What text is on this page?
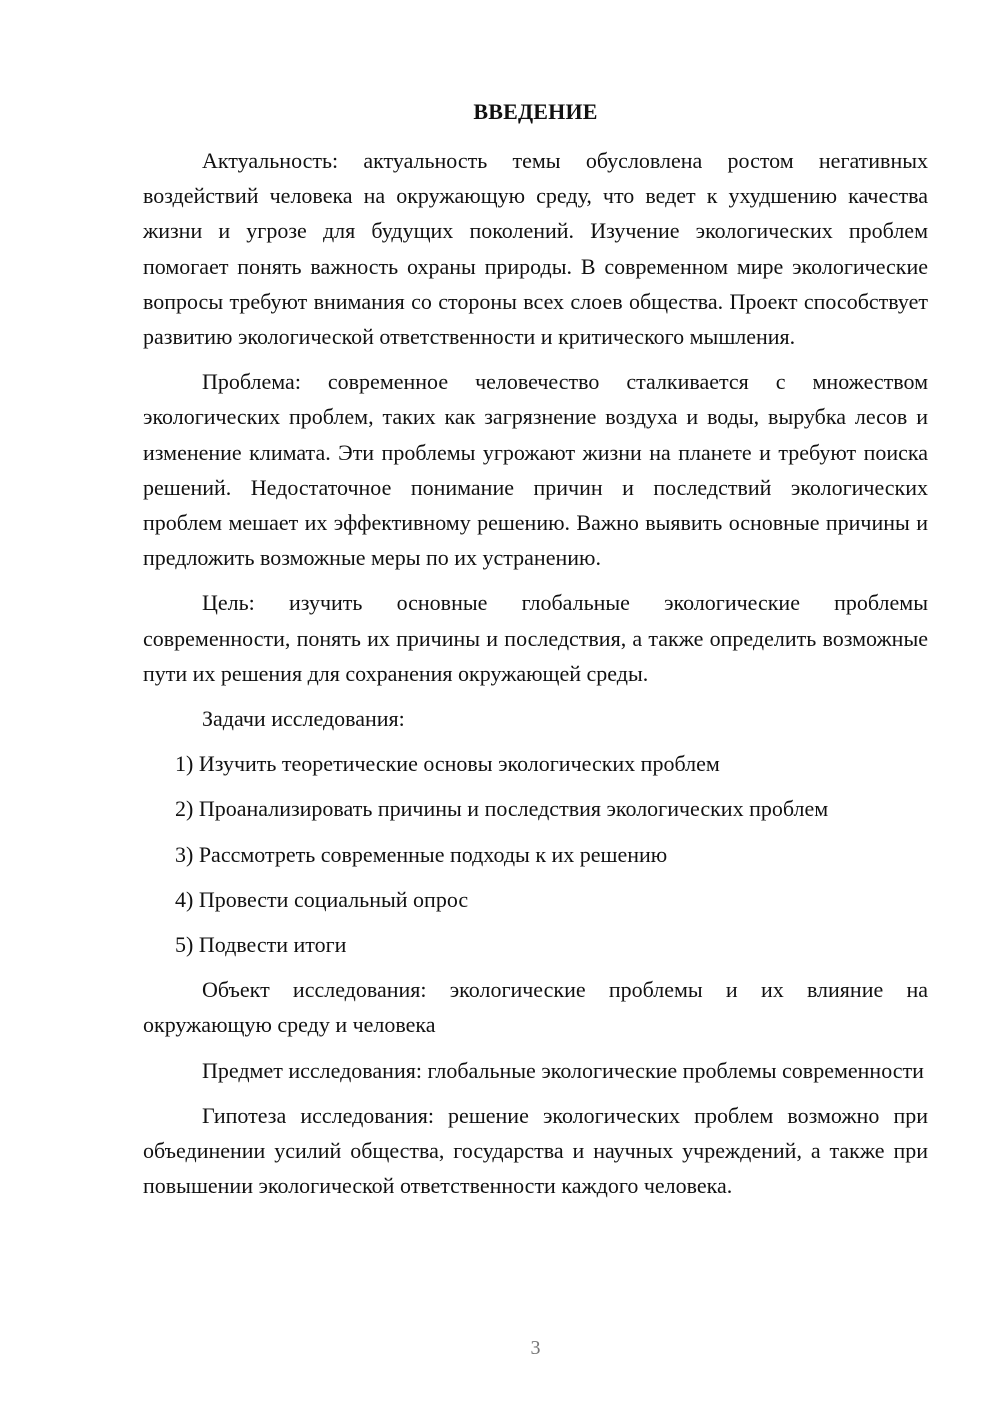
ВВЕДЕНИЕ

Актуальность: актуальность темы обусловлена ростом негативных воздействий человека на окружающую среду, что ведет к ухудшению качества жизни и угрозе для будущих поколений. Изучение экологических проблем помогает понять важность охраны природы. В современном мире экологические вопросы требуют внимания со стороны всех слоев общества. Проект способствует развитию экологической ответственности и критического мышления.

Проблема: современное человечество сталкивается с множеством экологических проблем, таких как загрязнение воздуха и воды, вырубка лесов и изменение климата. Эти проблемы угрожают жизни на планете и требуют поиска решений. Недостаточное понимание причин и последствий экологических проблем мешает их эффективному решению. Важно выявить основные причины и предложить возможные меры по их устранению.

Цель: изучить основные глобальные экологические проблемы современности, понять их причины и последствия, а также определить возможные пути их решения для сохранения окружающей среды.

Задачи исследования:

1) Изучить теоретические основы экологических проблем
2) Проанализировать причины и последствия экологических проблем
3) Рассмотреть современные подходы к их решению
4) Провести социальный опрос
5) Подвести итоги

Объект исследования: экологические проблемы и их влияние на окружающую среду и человека

Предмет исследования: глобальные экологические проблемы современности

Гипотеза исследования: решение экологических проблем возможно при объединении усилий общества, государства и научных учреждений, а также при повышении экологической ответственности каждого человека.

3
